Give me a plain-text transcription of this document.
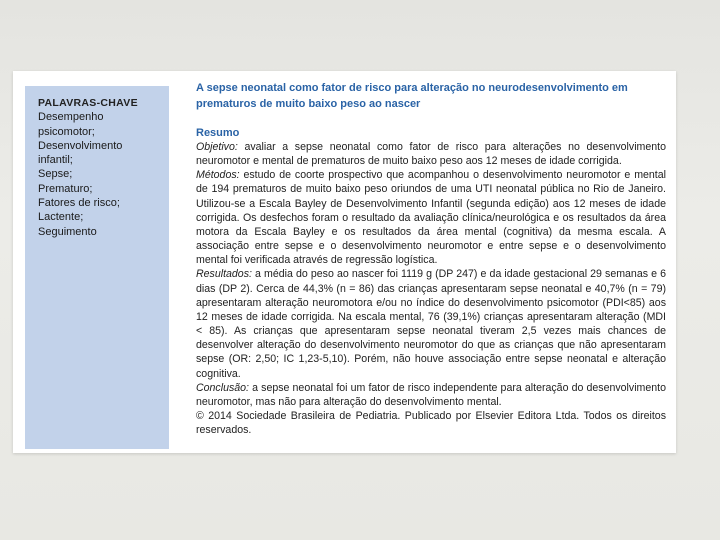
PALAVRAS-CHAVE
Desempenho
psicomotor;
Desenvolvimento
infantil;
Sepse;
Prematuro;
Fatores de risco;
Lactente;
Seguimento
A sepse neonatal como fator de risco para alteração no neurodesenvolvimento em prematuros de muito baixo peso ao nascer
Resumo

Objetivo: avaliar a sepse neonatal como fator de risco para alterações no desenvolvimento neuromotor e mental de prematuros de muito baixo peso aos 12 meses de idade corrigida.

Métodos: estudo de coorte prospectivo que acompanhou o desenvolvimento neuromotor e mental de 194 prematuros de muito baixo peso oriundos de uma UTI neonatal pública no Rio de Janeiro. Utilizou-se a Escala Bayley de Desenvolvimento Infantil (segunda edição) aos 12 meses de idade corrigida. Os desfechos foram o resultado da avaliação clínica/neurológica e os resultados da área motora da Escala Bayley e os resultados da área mental (cognitiva) da mesma escala. A associação entre sepse e o desenvolvimento neuromotor e entre sepse e o desenvolvimento mental foi verificada através de regressão logística.

Resultados: a média do peso ao nascer foi 1119 g (DP 247) e da idade gestacional 29 semanas e 6 dias (DP 2). Cerca de 44,3% (n = 86) das crianças apresentaram sepse neonatal e 40,7% (n = 79) apresentaram alteração neuromotora e/ou no índice do desenvolvimento psicomotor (PDI<85) aos 12 meses de idade corrigida. Na escala mental, 76 (39,1%) crianças apresentaram alteração (MDI < 85). As crianças que apresentaram sepse neonatal tiveram 2,5 vezes mais chances de desenvolver alteração do desenvolvimento neuromotor do que as crianças que não apresentaram sepse (OR: 2,50; IC 1,23-5,10). Porém, não houve associação entre sepse neonatal e alteração cognitiva.

Conclusão: a sepse neonatal foi um fator de risco independente para alteração do desenvolvimento neuromotor, mas não para alteração do desenvolvimento mental.

© 2014 Sociedade Brasileira de Pediatria. Publicado por Elsevier Editora Ltda. Todos os direitos reservados.
